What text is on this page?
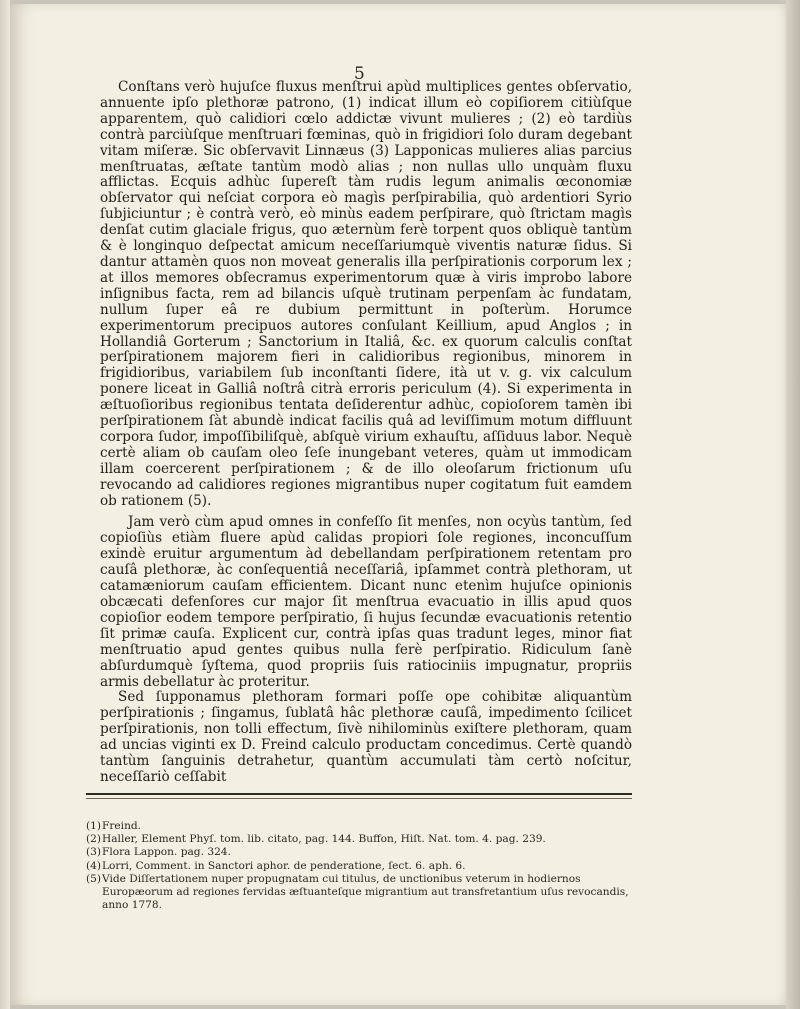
5

Conſtans verò hujuſce fluxus menſtrui apùd multiplices gentes obſervatio, annuente ipſo plethoræ patrono, (1) indicat illum eò copiſiorem citiùſque apparentem, quò calidiori cœlo addictæ vivunt mulieres ; (2) eò tardiùs contrà parciùſque menſtruari fœminas, quò in frigidiori ſolo duram degebant vitam miſeræ. Sic obſervavit Linnæus (3) Lapponicas mulieres alias parcius menſtruatas, æſtate tantùm modò alias ; non nullas ullo unquàm fluxu afflictas. Ecquis adhùc ſupereſt tàm rudis legum animalis œconomiæ obſervator qui neſciat corpora eò magìs perſpirabilia, quò ardentiori Syrio ſubjiciuntur ; è contrà verò, eò minùs eadem perſpirare, quò ſtrictam magìs denſat cutim glaciale frigus, quo æternùm ferè torpent quos obliquè tantùm & è longinquo deſpectat amicum neceſſariumquè viventis naturæ ſidus. Si dantur attamèn quos non moveat generalis illa perſpirationis corporum lex ; at illos memores obſecramus experimentorum quæ à viris improbo labore inſignibus facta, rem ad bilancis uſquè trutinam perpenſam àc fundatam, nullum ſuper eâ re dubium permittunt in poſterùm. Horumce experimentorum precipuos autores conſulant Keillium, apud Anglos ; in Hollandiâ Gorterum ; Sanctorium in Italiâ, &c. ex quorum calculis conſtat perſpirationem majorem fieri in calidioribus regionibus, minorem in frigidioribus, variabilem ſub inconſtanti ſidere, ità ut v. g. vix calculum ponere liceat in Galliâ noſtrâ citrà erroris periculum (4). Si experimenta in æſtuoſioribus regionibus tentata deſiderentur adhùc, copioſorem tamèn ibi perſpirationem ſàt abundè indicat facilis quâ ad leviſſimum motum diffluunt corpora ſudor, impoſſibiliſquè, abſquè virium exhauſtu, aſſiduus labor. Nequè certè aliam ob cauſam oleo ſeſe inungebant veteres, quàm ut immodicam illam coercerent perſpirationem ; & de illo oleoſarum frictionum uſu revocando ad calidiores regiones migrantibus nuper cogitatum fuit eamdem ob rationem (5).

Jam verò cùm apud omnes in confeſſo ſit menſes, non ocyùs tantùm, ſed copioſiùs etiàm fluere apùd calidas propiori ſole regiones, inconcuſſum exindè eruitur argumentum àd debellandam perſpirationem retentam pro cauſâ plethoræ, àc conſequentiâ neceſſariâ, ipſammet contrà plethoram, ut catamæniorum cauſam efficientem. Dicant nunc etenìm hujuſce opinionis obcæcati defenſores cur major ſit menſtrua evacuatio in illis apud quos copioſior eodem tempore perſpiratio, ſi hujus ſecundæ evacuationis retentio ſit primæ cauſa. Explicent cur, contrà ipſas quas tradunt leges, minor fiat menſtruatio apud gentes quibus nulla ferè perſpiratio. Ridiculum ſanè abſurdumquè ſyſtema, quod propriis ſuis ratiociniis impugnatur, propriis armis debellatur àc proteritur.

Sed ſupponamus plethoram formari poſſe ope cohibitæ aliquantùm perſpirationis ; ſingamus, ſublatâ hâc plethoræ cauſâ, impedimento ſcilicet perſpirationis, non tolli effectum, ſivè nihilominùs exiſtere plethoram, quam ad uncias viginti ex D. Freind calculo productam concedimus. Certè quandò tantùm ſanguinis detrahetur, quantùm accumulati tàm certò noſcitur, neceſſariò ceſſabit

(1)Freind.

(2)Haller, Element Phyſ. tom. lib. citato, pag. 144. Buffon, Hiſt. Nat. tom. 4. pag. 239.

(3)Flora Lappon. pag. 324.

(4)Lorri, Comment. in Sanctori aphor. de penderatione, ſect. 6. aph. 6.

(5)Vide Diſſertationem nuper propugnatam cui titulus, de unctionibus veterum in hodiernos Europæorum ad regiones fervidas æſtuanteſque migrantium aut transfretantium uſus revocandis, anno 1778.
